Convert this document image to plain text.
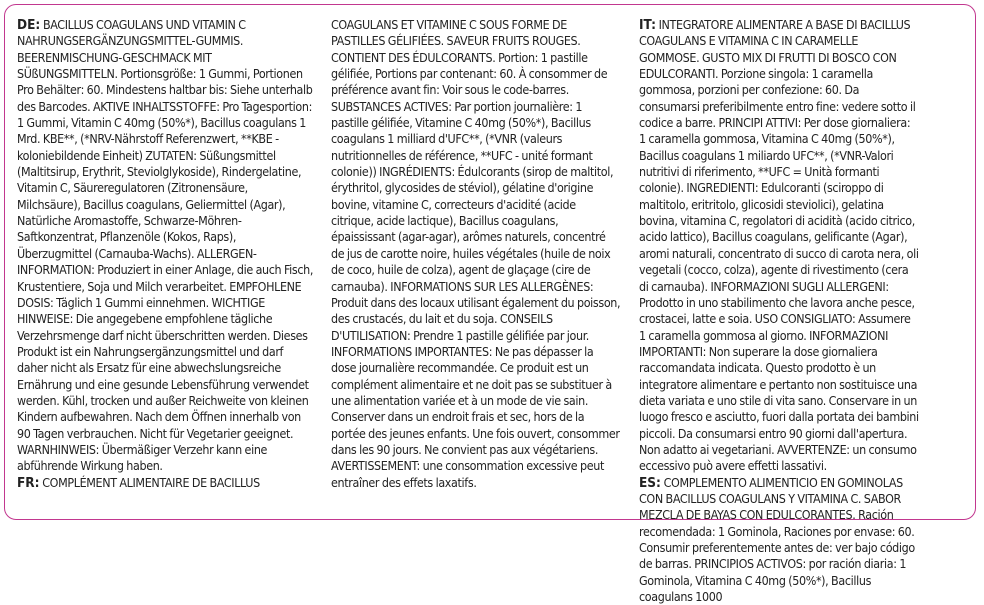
DE: BACILLUS COAGULANS UND VITAMIN C NAHRUNGSERGÄNZUNGSMITTEL-GUMMIS. BEERENMISCHUNG-GESCHMACK MIT SÜßUNGSMITTELN. Portionsgröße: 1 Gummi, Portionen Pro Behälter: 60. Mindestens haltbar bis: Siehe unterhalb des Barcodes. AKTIVE INHALTSSTOFFE: Pro Tagesportion: 1 Gummi, Vitamin C 40mg (50%*), Bacillus coagulans 1 Mrd. KBE**, (*NRV-Nährstoff Referenzwert, **KBE -koloniebildende Einheit) ZUTATEN: Süßungsmittel (Maltitsirup, Erythrit, Steviolglykoside), Rindergelatine, Vitamin C, Säureregulatoren (Zitronensäure, Milchsäure), Bacillus coagulans, Geliermittel (Agar), Natürliche Aromastoffe, Schwarze-Möhren-Saftkonzentrat, Pflanzenöle (Kokos, Raps), Überzugmittel (Carnauba-Wachs). ALLERGEN-INFORMATION: Produziert in einer Anlage, die auch Fisch, Krustentiere, Soja und Milch verarbeitet. EMPFOHLENE DOSIS: Täglich 1 Gummi einnehmen. WICHTIGE HINWEISE: Die angegebene empfohlene tägliche Verzehrsmenge darf nicht überschritten werden. Dieses Produkt ist ein Nahrungsergänzungsmittel und darf daher nicht als Ersatz für eine abwechslungsreiche Ernährung und eine gesunde Lebensführung verwendet werden. Kühl, trocken und außer Reichweite von kleinen Kindern aufbewahren. Nach dem Öffnen innerhalb von 90 Tagen verbrauchen. Nicht für Vegetarier geeignet. WARNHINWEIS: Übermäßiger Verzehr kann eine abführende Wirkung haben.

FR: COMPLÉMENT ALIMENTAIRE DE BACILLUS

COAGULANS ET VITAMINE C SOUS FORME DE PASTILLES GÉLIFIÉES. SAVEUR FRUITS ROUGES. CONTIENT DES ÉDULCORANTS. Portion: 1 pastille gélifiée, Portions par contenant: 60. À consommer de préférence avant fin: Voir sous le code-barres. SUBSTANCES ACTIVES: Par portion journalière: 1 pastille gélifiée, Vitamine C 40mg (50%*), Bacillus coagulans 1 milliard d'UFC**, (*VNR (valeurs nutritionnelles de référence, **UFC - unité formant colonie)) INGRÉDIENTS: Édulcorants (sirop de maltitol, érythritol, glycosides de stéviol), gélatine d'origine bovine, vitamine C, correcteurs d'acidité (acide citrique, acide lactique), Bacillus coagulans, épaississant (agar-agar), arômes naturels, concentré de jus de carotte noire, huiles végétales (huile de noix de coco, huile de colza), agent de glaçage (cire de carnauba). INFORMATIONS SUR LES ALLERGÈNES: Produit dans des locaux utilisant également du poisson, des crustacés, du lait et du soja. CONSEILS D'UTILISATION: Prendre 1 pastille gélifiée par jour. INFORMATIONS IMPORTANTES: Ne pas dépasser la dose journalière recommandée. Ce produit est un complément alimentaire et ne doit pas se substituer à une alimentation variée et à un mode de vie sain. Conserver dans un endroit frais et sec, hors de la portée des jeunes enfants. Une fois ouvert, consommer dans les 90 jours. Ne convient pas aux végétariens. AVERTISSEMENT: une consommation excessive peut entraîner des effets laxatifs.

IT: INTEGRATORE ALIMENTARE A BASE DI BACILLUS COAGULANS E VITAMINA C IN CARAMELLE GOMMOSE. GUSTO MIX DI FRUTTI DI BOSCO CON EDULCORANTI. Porzione singola: 1 caramella gommosa, porzioni per confezione: 60. Da consumarsi preferibilmente entro fine: vedere sotto il codice a barre. PRINCIPI ATTIVI: Per dose giornaliera: 1 caramella gommosa, Vitamina C 40mg (50%*), Bacillus coagulans 1 miliardo UFC**, (*VNR-Valori nutritivi di riferimento, **UFC = Unità formanti colonie). INGREDIENTI: Edulcoranti (sciroppo di maltitolo, eritritolo, glicosidi steviolici), gelatina bovina, vitamina C, regolatori di acidità (acido citrico, acido lattico), Bacillus coagulans, gelificante (Agar), aromi naturali, concentrato di succo di carota nera, oli vegetali (cocco, colza), agente di rivestimento (cera di carnauba). INFORMAZIONI SUGLI ALLERGENI: Prodotto in uno stabilimento che lavora anche pesce, crostacei, latte e soia. USO CONSIGLIATO: Assumere 1 caramella gommosa al giorno. INFORMAZIONI IMPORTANTI: Non superare la dose giornaliera raccomandata indicata. Questo prodotto è un integratore alimentare e pertanto non sostituisce una dieta variata e uno stile di vita sano. Conservare in un luogo fresco e asciutto, fuori dalla portata dei bambini piccoli. Da consumarsi entro 90 giorni dall'apertura. Non adatto ai vegetariani. AVVERTENZE: un consumo eccessivo può avere effetti lassativi.

ES: COMPLEMENTO ALIMENTICIO EN GOMINOLAS CON BACILLUS COAGULANS Y VITAMINA C. SABOR MEZCLA DE BAYAS CON EDULCORANTES. Ración recomendada: 1 Gominola, Raciones por envase: 60. Consumir preferentemente antes de: ver bajo código de barras. PRINCIPIOS ACTIVOS: por ración diaria: 1 Gominola, Vitamina C 40mg (50%*), Bacillus coagulans 1000
